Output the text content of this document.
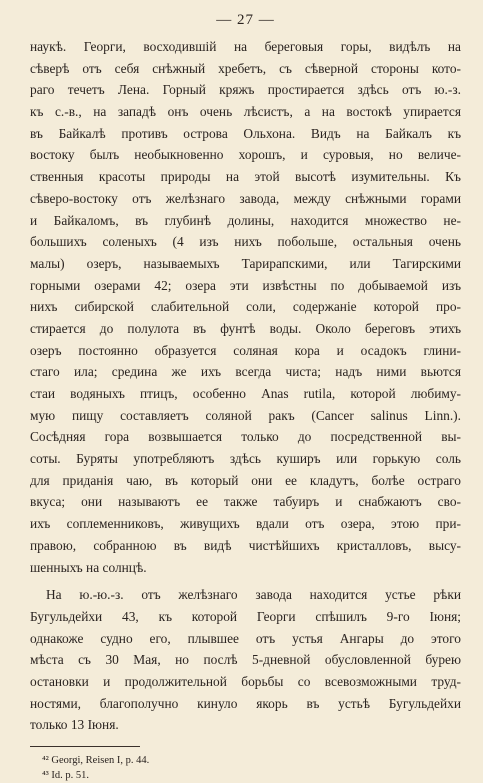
— 27 —
наукѣ. Георги, восходившій на береговыя горы, видѣлъ на
сѣверѣ отъ себя снѣжный хребетъ, съ сѣверной стороны кото-
раго течетъ Лена. Горный кряжъ простирается здѣсь отъ ю.-з.
къ с.-в., на западѣ онъ очень лѣсистъ, а на востокѣ упирается
въ Байкалѣ противъ острова Ольхона. Видъ на Байкалъ къ
востоку былъ необыкновенно хорошъ, и суровыя, но величе-
ственныя красоты природы на этой высотѣ изумительны. Къ
сѣверо-востоку отъ желѣзнаго завода, между снѣжными горами
и Байкаломъ, въ глубинѣ долины, находится множество не-
большихъ соленыхъ (4 изъ нихъ побольше, остальныя очень
малы) озеръ, называемыхъ Тарирапскими, или Тагирскими
горными озерами 42; озера эти извѣстны по добываемой изъ
нихъ сибирской слабительной соли, содержаніе которой про-
стирается до полулота въ фунтѣ воды. Около береговъ этихъ
озеръ постоянно образуется соляная кора и осадокъ глини-
стаго ила; средина же ихъ всегда чиста; надъ ними вьются
стаи водяныхъ птицъ, особенно Anas rutila, которой любиму-
мую пищу составляетъ соляной ракъ (Cancer salinus Linn.).
Сосѣдняя гора возвышается только до посредственной вы-
соты. Буряты употребляютъ здѣсь куширъ или горькую соль
для приданія чаю, въ который они ее кладутъ, болѣе остраго
вкуса; они называютъ ее также табуиръ и снабжаютъ сво-
ихъ соплеменниковъ, живущихъ вдали отъ озера, этою при-
правою, собранною въ видѣ чистѣйшихъ кристалловъ, высу-
шенныхъ на солнцѣ.
На ю.-ю.-з. отъ желѣзнаго завода находится устье рѣки
Бугульдейхи 43, къ которой Георги спѣшилъ 9-го Іюня;
однакоже судно его, плывшее отъ устья Ангары до этого
мѣста съ 30 Мая, но послѣ 5-дневной обусловленной бурею
остановки и продолжительной борьбы со всевозможными труд-
ностями, благополучно кинуло якорь въ устьѣ Бугульдейхи
только 13 Іюня.
⁴² Georgi, Reisen I, p. 44.
⁴³ Id. p. 51.
